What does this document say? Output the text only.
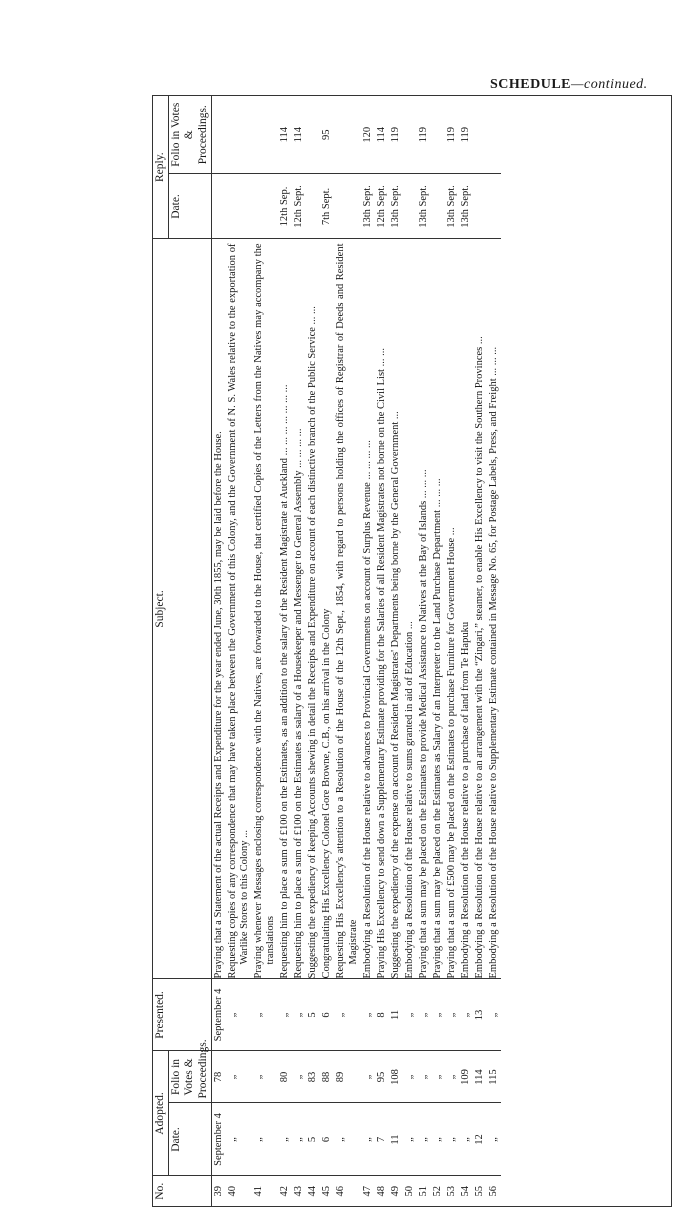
SCHEDULE—continued.
No.	Adopted.		Presented.	Subject.	Reply.	
	Date.	Folio in Votes & Proceedings.			Date.	Folio in Votes & Proceedings.
39	September 4	78	September 4	Praying that a Statement of the actual Receipts and Expenditure for the year ended June, 30th 1855, may be laid before the House.		
40	„	„	„	Requesting copies of any correspondence that may have taken place between the Government of this Colony, and the Government of N. S. Wales relative to the exportation of Warlike Stores to this Colony ...		
41	„	„	„	Praying whenever Messages enclosing correspondence with the Natives, are forwarded to the House, that certified Copies of the Letters from the Natives may accompany the translations		
42	„	80	„	Requesting him to place a sum of £100 on the Estimates, as an addition to the salary of the Resident Magistrate at Auckland ... ... ... ... ... ... ...	12th Sep.	114
43	„	„	„	Requesting him to place a sum of £100 on the Estimates as salary of a Housekeeper and Messenger to General Assembly ... ... ... ...	12th Sept.	114
44	5	83	5	Suggesting the expediency of keeping Accounts shewing in detail the Receipts and Expenditure on account of each distinctive branch of the Public Service ... ...		
45	6	88	6	Congratulating His Excellency Colonel Gore Browne, C.B., on his arrival in the Colony	7th Sept.	95
46	„	89	„	Requesting His Excellency's attention to a Resolution of the House of the 12th Sept., 1854, with regard to persons holding the offices of Registrar of Deeds and Resident Magistrate		
47	„	„	„	Embodying a Resolution of the House relative to advances to Provincial Governments on account of Surplus Revenue ... ... ... ...	13th Sept.	120
48	7	95	8	Praying His Excellency to send down a Supplementary Estimate providing for the Salaries of all Resident Magistrates not borne on the Civil List ... ...	12th Sept.	114
49	11	108	11	Suggesting the expediency of the expense on account of Resident Magistrates' Departments being borne by the General Government ...	13th Sept.	119
50	„	„	„	Embodying a Resolution of the House relative to sums granted in aid of Education ...		
51	„	„	„	Praying that a sum may be placed on the Estimates to provide Medical Assistance to Natives at the Bay of Islands ... ... ...	13th Sept.	119
52	„	„	„	Praying that a sum may be placed on the Estimates as Salary of an Interpreter to the Land Purchase Department ... ... ...		
53	„	„	„	Praying that a sum of £500 may be placed on the Estimates to purchase Furniture for Government House ...	13th Sept.	119
54	„	109	„	Embodying a Resolution of the House relative to a purchase of land from Te Hapuku	13th Sept.	119
55	12	114	13	Embodying a Resolution of the House relative to an arrangement with the “Zingari,” steamer, to enable His Excellency to visit the Southern Provinces ...		
56	„	115	„	Embodying a Resolution of the House relative to Supplementary Estimate contained in Message No. 65, for Postage Labels, Press, and Freight ... ... ...		
